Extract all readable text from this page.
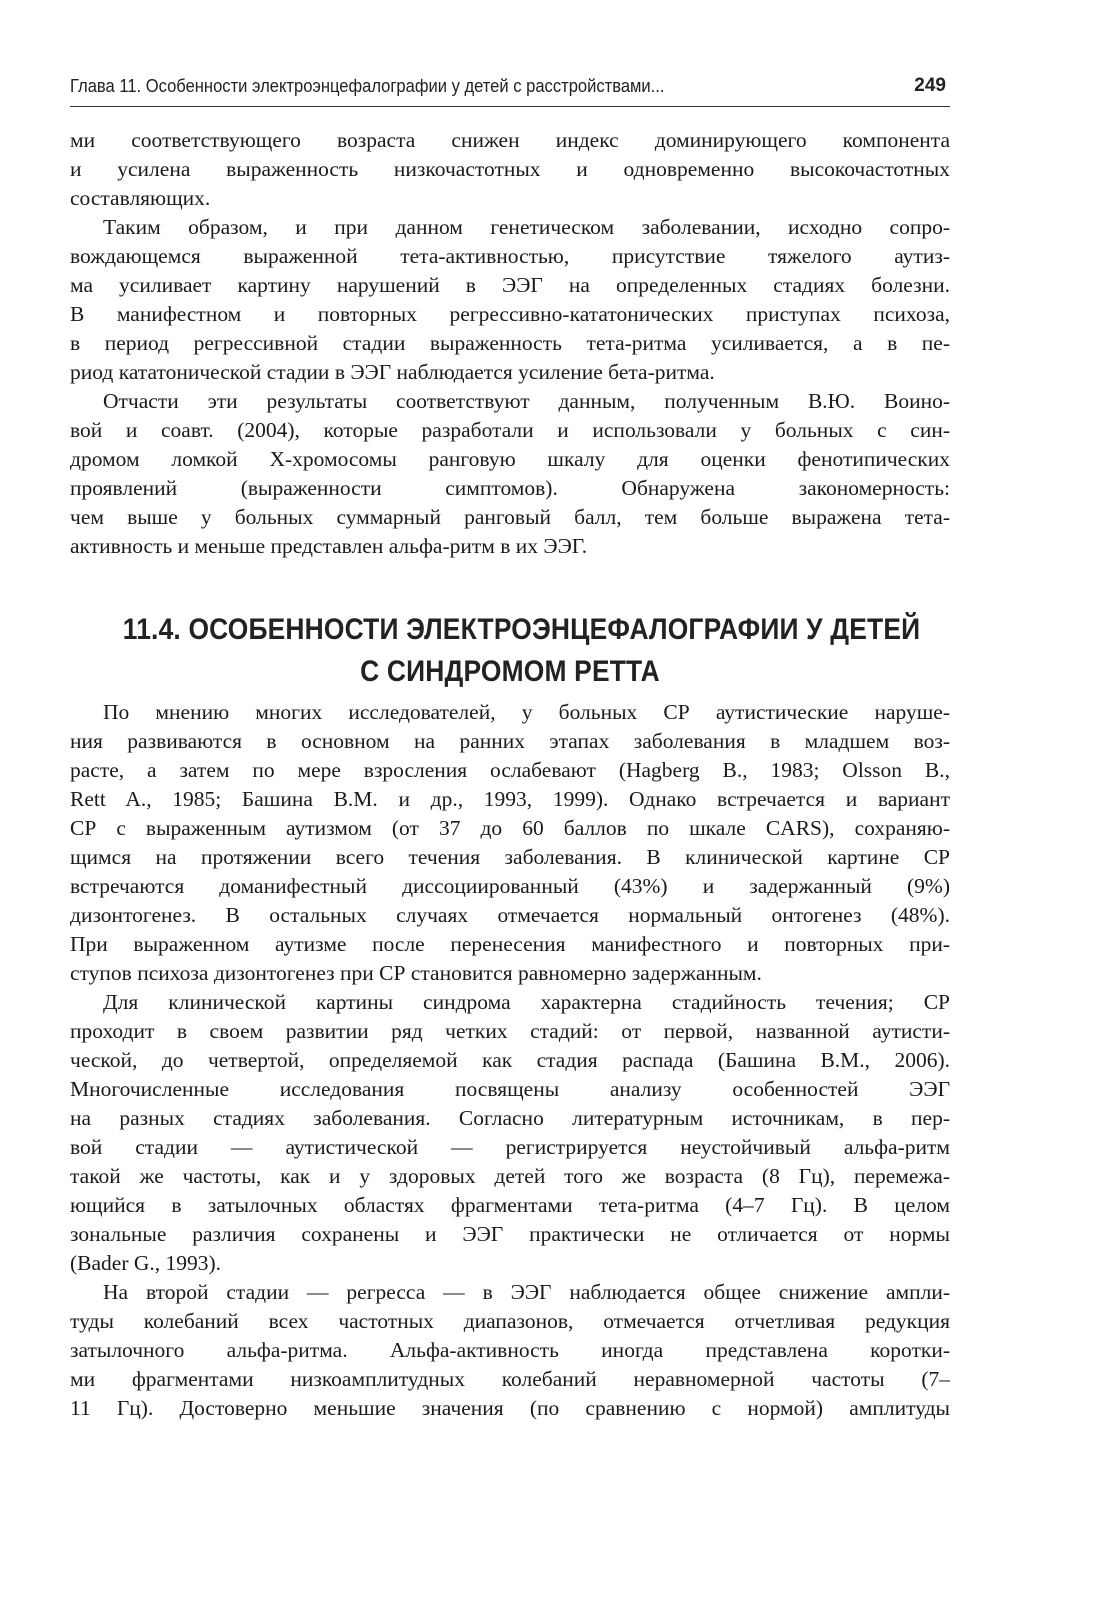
Глава 11. Особенности электроэнцефалографии у детей с расстройствами...	249
ми соответствующего возраста снижен индекс доминирующего компонента
и усилена выраженность низкочастотных и одновременно высокочастотных
составляющих.
Таким образом, и при данном генетическом заболевании, исходно сопро-
вождающемся выраженной тета-активностью, присутствие тяжелого аутиз-
ма усиливает картину нарушений в ЭЭГ на определенных стадиях болезни.
В манифестном и повторных регрессивно-кататонических приступах психоза,
в период регрессивной стадии выраженность тета-ритма усиливается, а в пе-
риод кататонической стадии в ЭЭГ наблюдается усиление бета-ритма.
Отчасти эти результаты соответствуют данным, полученным В.Ю. Воино-
вой и соавт. (2004), которые разработали и использовали у больных с син-
дромом ломкой Х-хромосомы ранговую шкалу для оценки фенотипических
проявлений (выраженности симптомов). Обнаружена закономерность:
чем выше у больных суммарный ранговый балл, тем больше выражена тета-
активность и меньше представлен альфа-ритм в их ЭЭГ.
11.4. ОСОБЕННОСТИ ЭЛЕКТРОЭНЦЕФАЛОГРАФИИ У ДЕТЕЙ
С СИНДРОМОМ РЕТТА
По мнению многих исследователей, у больных СР аутистические наруше-
ния развиваются в основном на ранних этапах заболевания в младшем воз-
расте, а затем по мере взросления ослабевают (Hagberg B., 1983; Olsson B.,
Rett A., 1985; Башина В.М. и др., 1993, 1999). Однако встречается и вариант
СР с выраженным аутизмом (от 37 до 60 баллов по шкале CARS), сохраняю-
щимся на протяжении всего течения заболевания. В клинической картине СР
встречаются доманифестный диссоциированный (43%) и задержанный (9%)
дизонтогенез. В остальных случаях отмечается нормальный онтогенез (48%).
При выраженном аутизме после перенесения манифестного и повторных при-
ступов психоза дизонтогенез при СР становится равномерно задержанным.
Для клинической картины синдрома характерна стадийность течения; СР
проходит в своем развитии ряд четких стадий: от первой, названной аутисти-
ческой, до четвертой, определяемой как стадия распада (Башина В.М., 2006).
Многочисленные исследования посвящены анализу особенностей ЭЭГ
на разных стадиях заболевания. Согласно литературным источникам, в пер-
вой стадии — аутистической — регистрируется неустойчивый альфа-ритм
такой же частоты, как и у здоровых детей того же возраста (8 Гц), перемежа-
ющийся в затылочных областях фрагментами тета-ритма (4–7 Гц). В целом
зональные различия сохранены и ЭЭГ практически не отличается от нормы
(Bader G., 1993).
На второй стадии — регресса — в ЭЭГ наблюдается общее снижение ампли-
туды колебаний всех частотных диапазонов, отмечается отчетливая редукция
затылочного альфа-ритма. Альфа-активность иногда представлена коротки-
ми фрагментами низкоамплитудных колебаний неравномерной частоты (7–
11 Гц). Достоверно меньшие значения (по сравнению с нормой) амплитуды
